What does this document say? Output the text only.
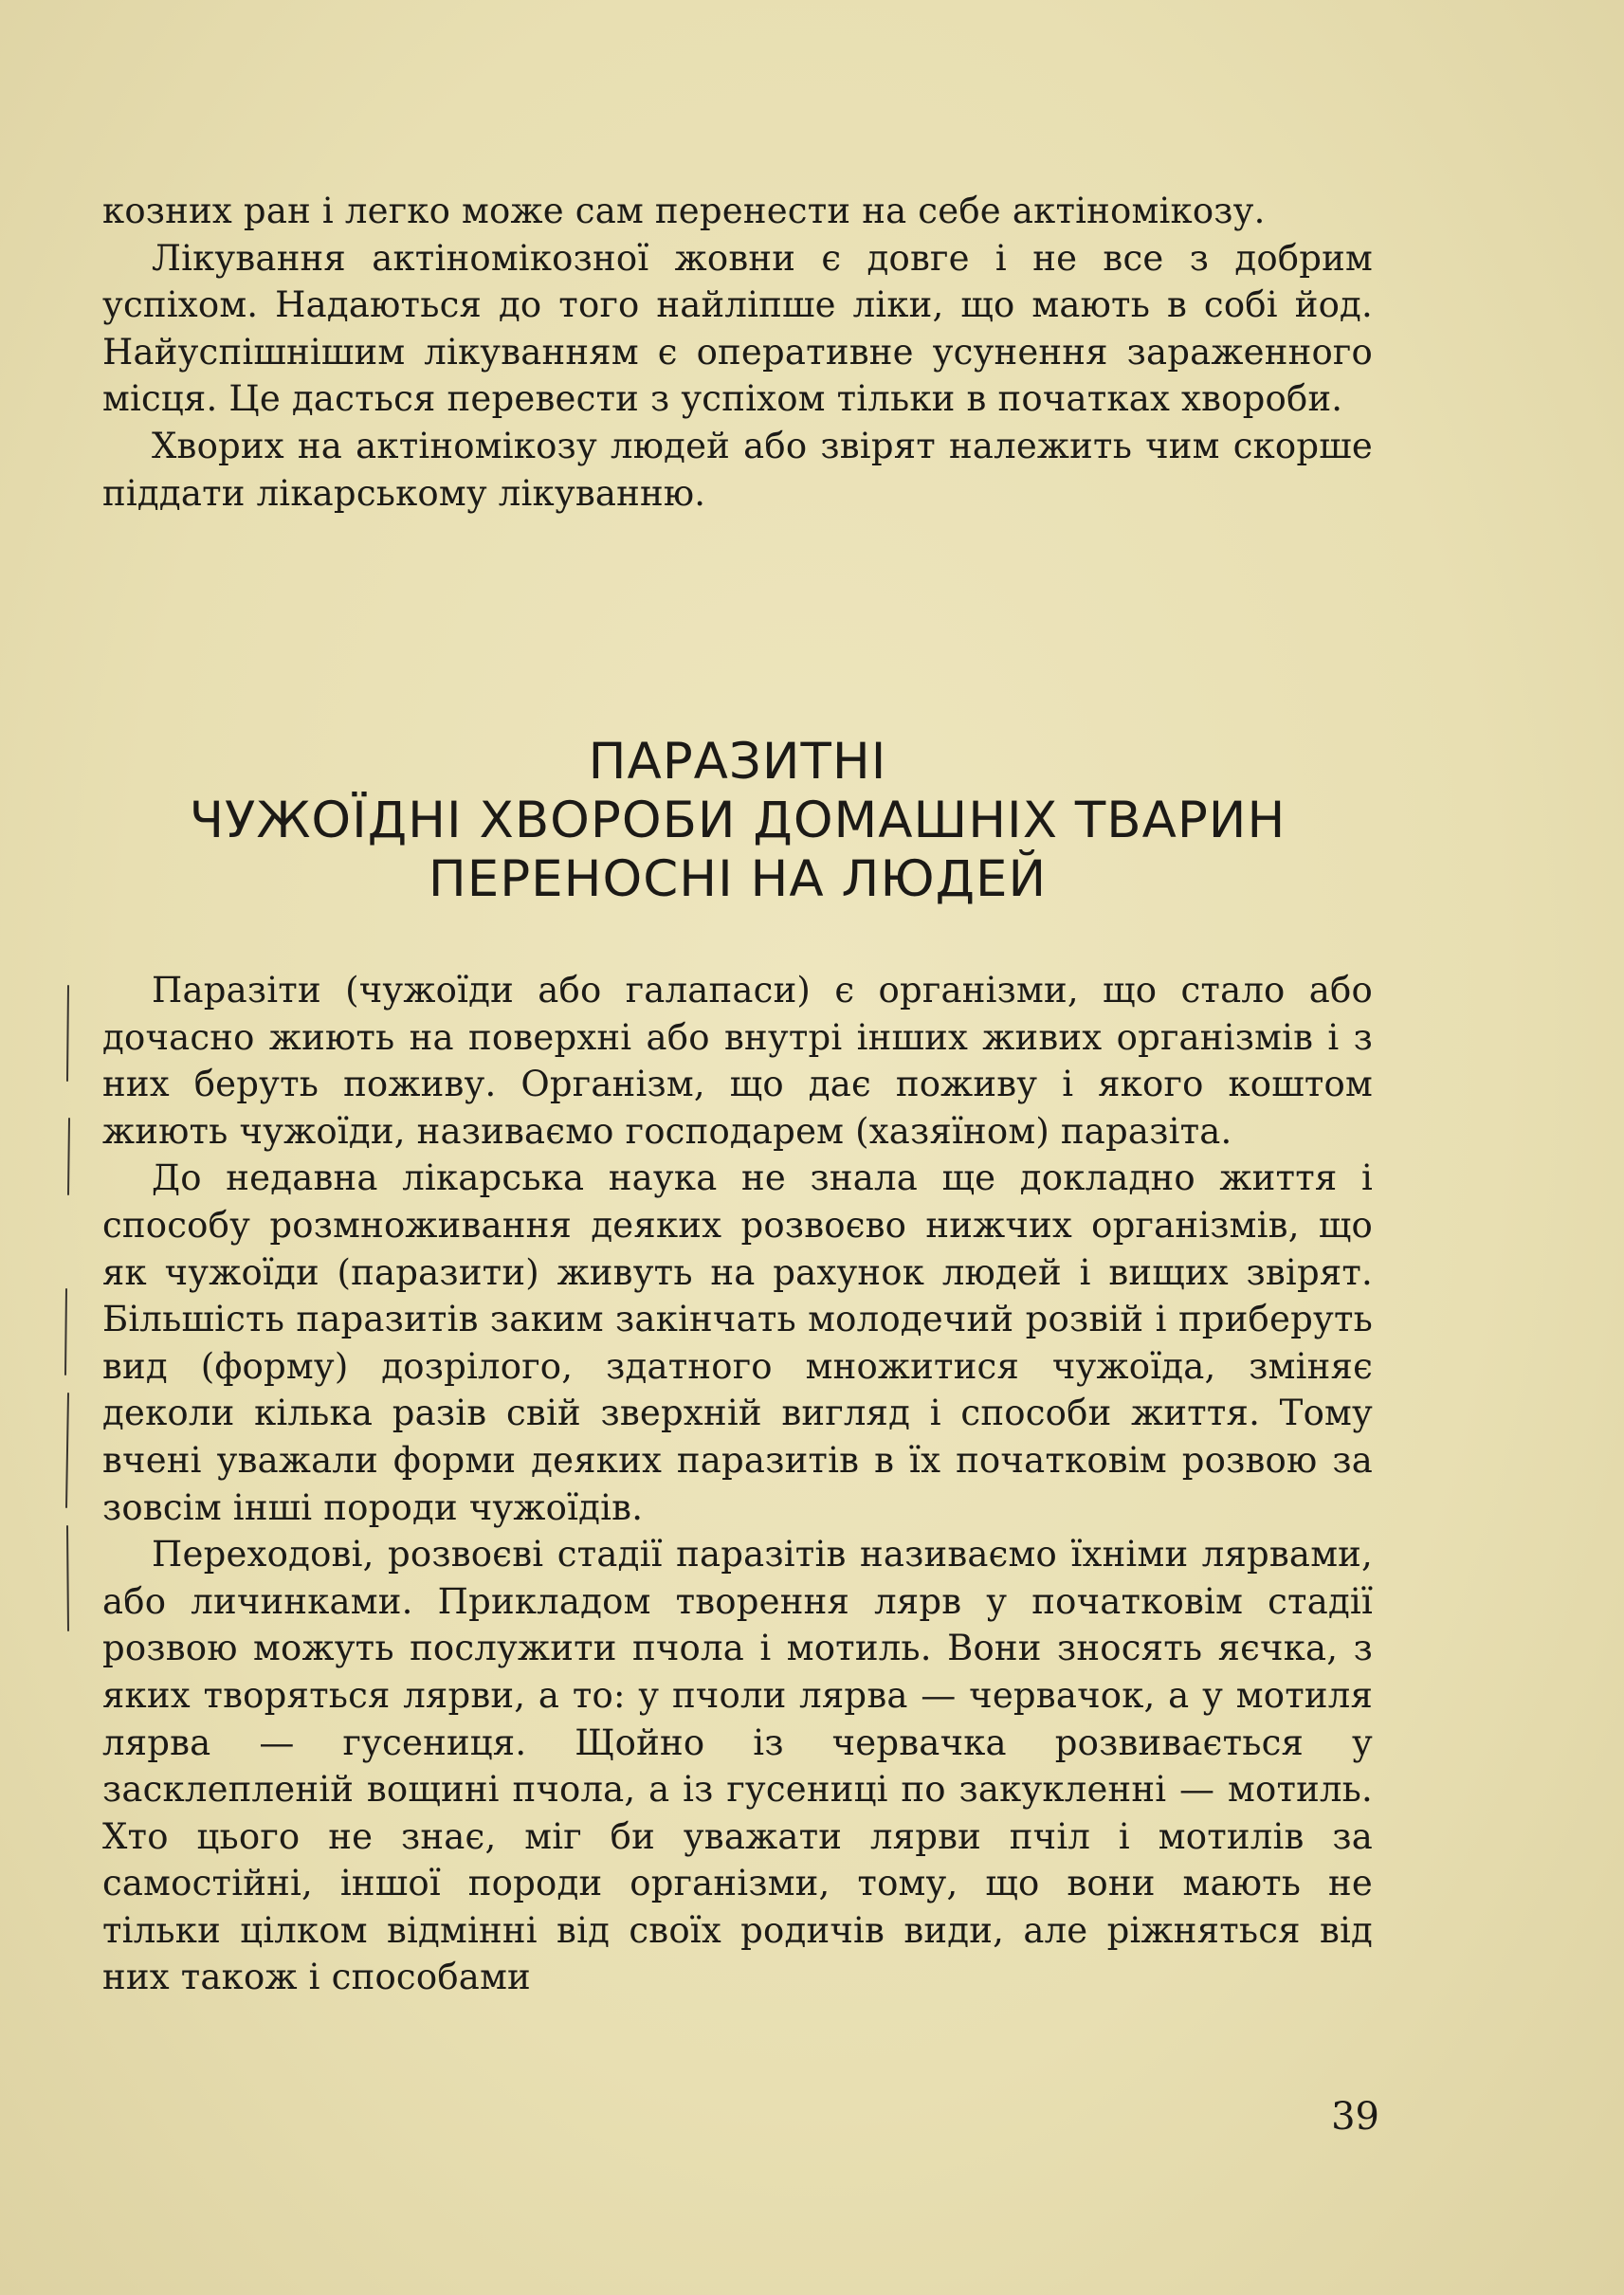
козних ран і легко може сам перенести на себе актіномікозу.

Лікування актіномікозної жовни є довге і не все з добрим успіхом. Надаються до того найліпше ліки, що мають в собі йод. Найуспішнішим лікуванням є оперативне усунення зараженного місця. Це дасться перевести з успіхом тільки в початках хвороби.

Хворих на актіномікозу людей або звірят належить чим скорше піддати лікарському лікуванню.

ПАРАЗИТНІ
ЧУЖОЇДНІ ХВОРОБИ ДОМАШНІХ ТВАРИН
ПЕРЕНОСНІ НА ЛЮДЕЙ

Паразіти (чужоїди або галапаси) є організми, що стало або дочасно жиють на поверхні або внутрі інших живих організмів і з них беруть поживу. Організм, що дає поживу і якого коштом жиють чужоїди, називаємо господарем (хазяїном) паразіта.

До недавна лікарська наука не знала ще докладно життя і способу розмноживання деяких розвоєво нижчих організмів, що як чужоїди (паразити) живуть на рахунок людей і вищих звірят. Більшість паразитів заким закінчать молодечий розвій і приберуть вид (форму) дозрілого, здатного множитися чужоїда, зміняє деколи кілька разів свій зверхній вигляд і способи життя. Тому вчені уважали форми деяких паразитів в їх початковім розвою за зовсім інші породи чужоїдів.

Переходові, розвоєві стадії паразітів називаємо їхніми лярвами, або личинками. Прикладом творення лярв у початковім стадії розвою можуть послужити пчола і мотиль. Вони зносять яєчка, з яких творяться лярви, а то: у пчоли лярва — червачок, а у мотиля лярва — гусениця. Щойно із червачка розвивається у засклепленій вощині пчола, а із гусениці по закукленні — мотиль. Хто цього не знає, міг би уважати лярви пчіл і мотилів за самостійні, іншої породи організми, тому, що вони мають не тільки цілком відмінні від своїх родичів види, але ріжняться від них також і способами

39
